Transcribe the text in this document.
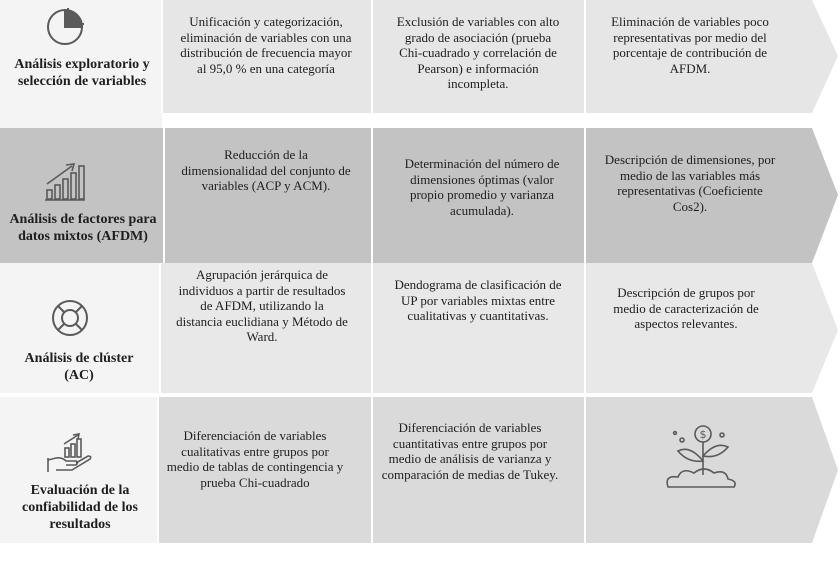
$
Análisis exploratorio y selección de variables
Análisis de factores para datos mixtos (AFDM)
Análisis de clúster (AC)
Evaluación de la confiabilidad de los resultados
Unificación y categorización, eliminación de variables con una distribución de frecuencia mayor al 95,0 % en una categoría
Exclusión de variables con alto grado de asociación (prueba Chi-cuadrado y correlación de Pearson) e información incompleta.
Eliminación de variables poco representativas por medio del porcentaje de contribución de AFDM.
Reducción de la dimensionalidad del conjunto de variables (ACP y ACM).
Determinación del número de dimensiones óptimas (valor propio promedio y varianza acumulada).
Descripción de dimensiones, por medio de las variables más representativas (Coeficiente Cos2).
Agrupación jerárquica de individuos a partir de resultados de AFDM, utilizando la distancia euclidiana y Método de Ward.
Dendograma de clasificación de UP por variables mixtas entre cualitativas y cuantitativas.
Descripción de grupos por medio de caracterización de aspectos relevantes.
Diferenciación de variables cualitativas entre grupos por medio de tablas de contingencia y prueba Chi-cuadrado
Diferenciación de variables cuantitativas entre grupos por medio de análisis de varianza y comparación de medias de Tukey.
